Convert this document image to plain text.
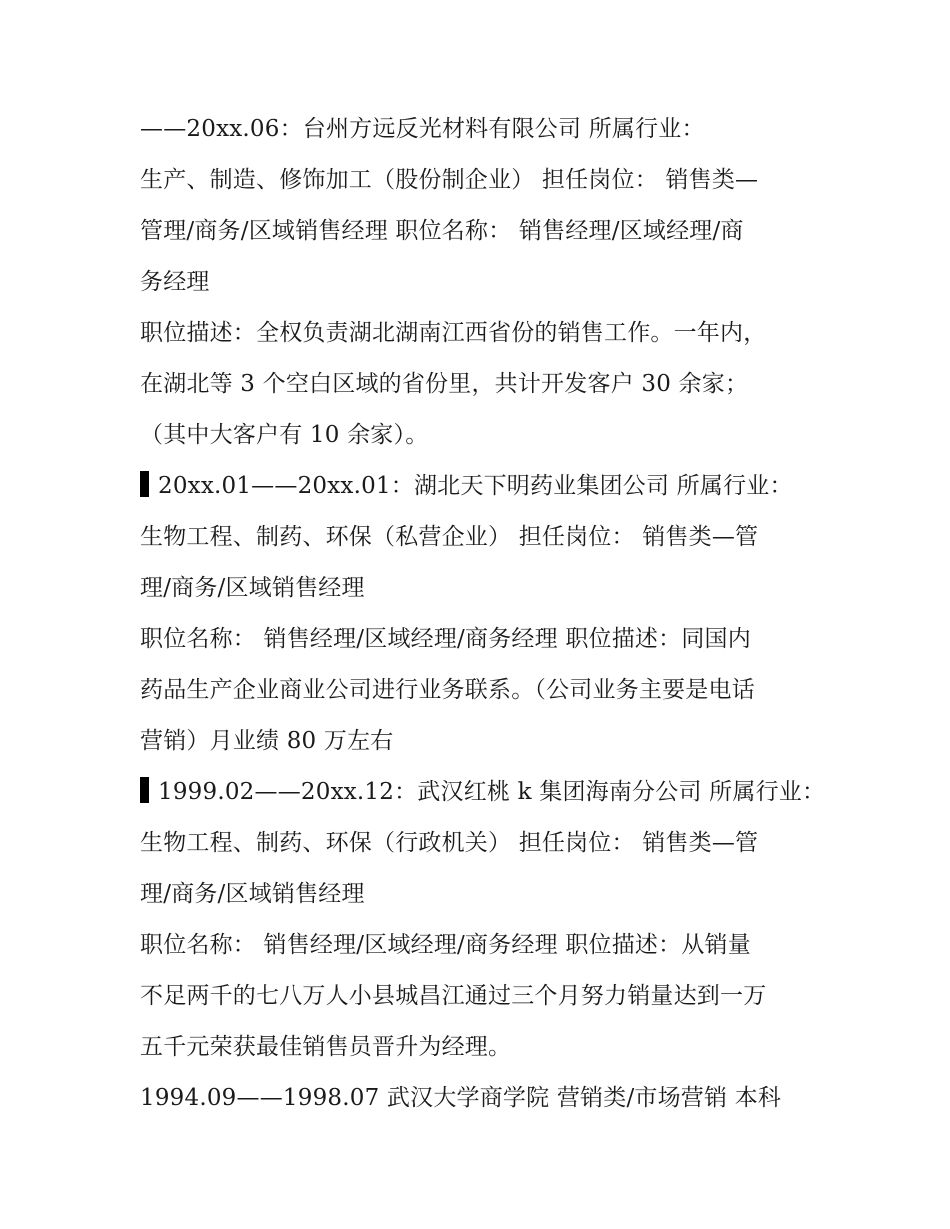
——20xx.06：台州方远反光材料有限公司 所属行业：
生产、制造、修饰加工（股份制企业） 担任岗位： 销售类—
管理/商务/区域销售经理 职位名称： 销售经理/区域经理/商
务经理
职位描述：全权负责湖北湖南江西省份的销售工作。一年内，
在湖北等 3 个空白区域的省份里，共计开发客户 30 余家；
（其中大客户有 10 余家）。
20xx.01——20xx.01：湖北天下明药业集团公司 所属行业：
生物工程、制药、环保（私营企业） 担任岗位： 销售类—管
理/商务/区域销售经理
职位名称： 销售经理/区域经理/商务经理 职位描述：同国内
药品生产企业商业公司进行业务联系。（公司业务主要是电话
营销）月业绩 80 万左右
1999.02——20xx.12：武汉红桃 k 集团海南分公司 所属行业：
生物工程、制药、环保（行政机关） 担任岗位： 销售类—管
理/商务/区域销售经理
职位名称： 销售经理/区域经理/商务经理 职位描述：从销量
不足两千的七八万人小县城昌江通过三个月努力销量达到一万
五千元荣获最佳销售员晋升为经理。
1994.09——1998.07 武汉大学商学院 营销类/市场营销 本科
